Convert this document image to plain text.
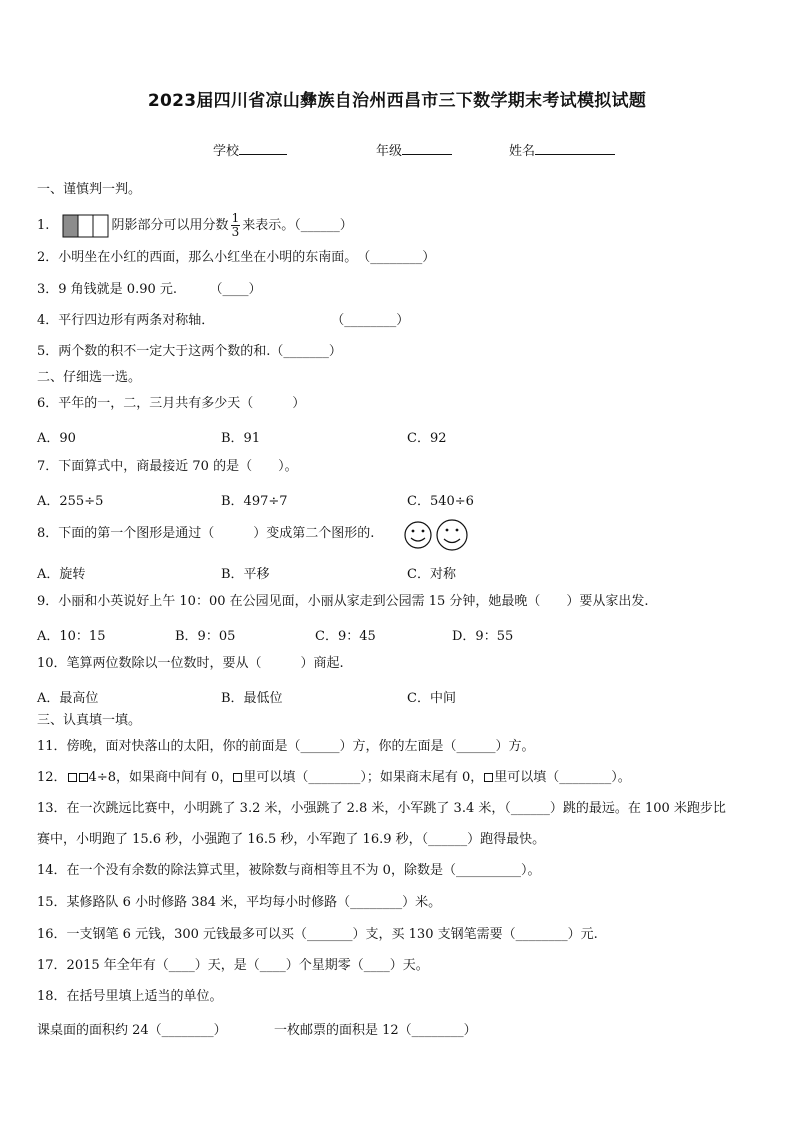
2023届四川省凉山彝族自治州西昌市三下数学期末考试模拟试题
学校	年级	姓名
一、谨慎判一判。
1.	阴影部分可以用分数 $\frac{1}{3}$ 来表示。（______）
2．小明坐在小红的西面，那么小红坐在小明的东南面。　（________）
3．9 角钱就是 0.90 元.　　　（____）
4．平行四边形有两条对称轴．　　　　　　　　　　（________）
5．两个数的积不一定大于这两个数的和.（_______）
二、仔细选一选。
6．平年的一，二，三月共有多少天（　　　）
A．90	B．91	C．92
7．下面算式中，商最接近 70 的是（　　）。
A．255÷5	B．497÷7	C．540÷6
8．下面的第一个图形是通过（　　　）变成第二个图形的.
A．旋转	B．平移	C．对称
9．小丽和小英说好上午 10：00 在公园见面，小丽从家走到公园需 15 分钟，她最晚（　　）要从家出发.
A．10：15	B．9：05	C．9：45	D．9：55
10．笔算两位数除以一位数时，要从（　　　）商起.
A．最高位	B．最低位	C．中间
三、认真填一填。
11．傍晚，面对快落山的太阳，你的前面是（______）方，你的左面是（______）方。
12． 4÷8，如果商中间有 0， 里可以填（________）；如果商末尾有 0， 里可以填（________）。
13．在一次跳远比赛中，小明跳了 3.2 米，小强跳了 2.8 米，小军跳了 3.4 米，（______）跳的最远。在 100 米跑步比
赛中，小明跑了 15.6 秒，小强跑了 16.5 秒，小军跑了 16.9 秒，（______）跑得最快。
14．在一个没有余数的除法算式里，被除数与商相等且不为 0，除数是（__________）。
15．某修路队 6 小时修路 384 米，平均每小时修路（________）米。
16．一支钢笔 6 元钱，300 元钱最多可以买（_______）支，买 130 支钢笔需要（________）元.
17．2015 年全年有（____）天，是（____）个星期零（____）天。
18．在括号里填上适当的单位。
课桌面的面积约 24（________）	一枚邮票的面积是 12（________）
